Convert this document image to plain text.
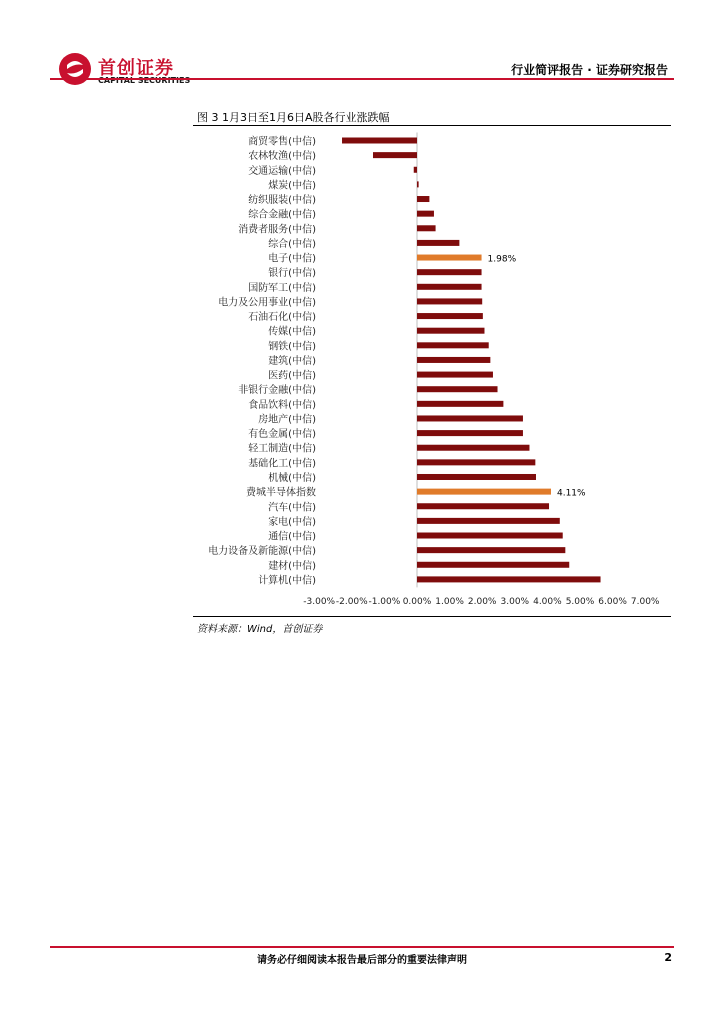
首创证券
CAPITAL SECURITIES
行业简评报告 · 证券研究报告
图 3 1月3日至1月6日A股各行业涨跌幅
商贸零售(中信)
农林牧渔(中信)
交通运输(中信)
煤炭(中信)
纺织服装(中信)
综合金融(中信)
消费者服务(中信)
综合(中信)
电子(中信)	1.98%
银行(中信)
国防军工(中信)
电力及公用事业(中信)
石油石化(中信)
传媒(中信)
钢铁(中信)
建筑(中信)
医药(中信)
非银行金融(中信)
食品饮料(中信)
房地产(中信)
有色金属(中信)
轻工制造(中信)
基础化工(中信)
机械(中信)
费城半导体指数	4.11%
汽车(中信)
家电(中信)
通信(中信)
电力设备及新能源(中信)
建材(中信)
计算机(中信)
-3.00% -2.00% -1.00% 0.00% 1.00% 2.00% 3.00% 4.00% 5.00% 6.00% 7.00%
资料来源：Wind，首创证券
请务必仔细阅读本报告最后部分的重要法律声明	2
